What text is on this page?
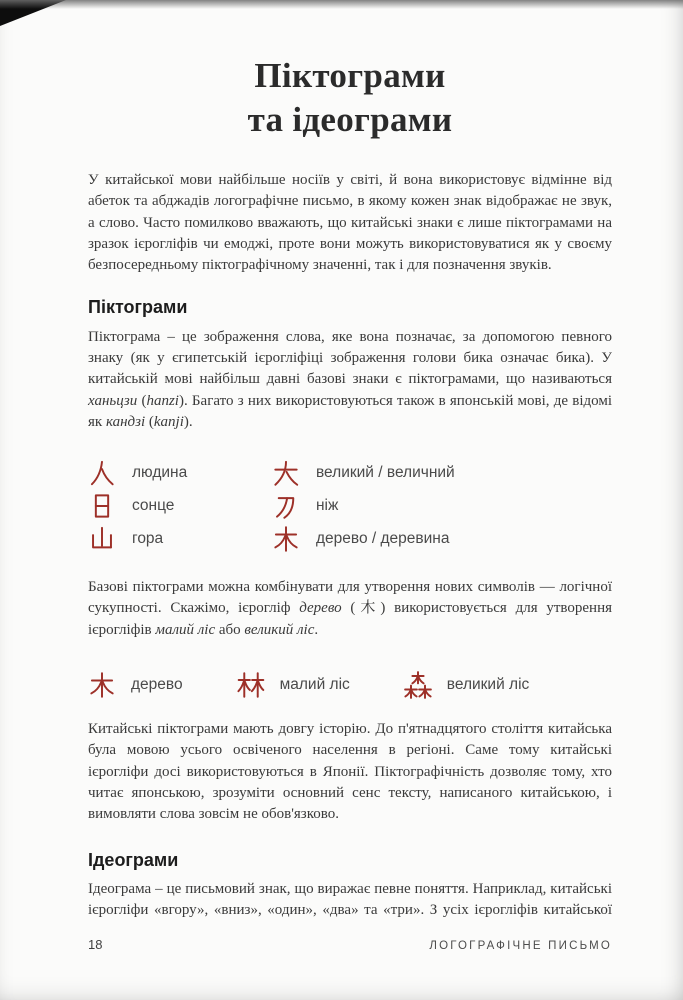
Піктограми
та ідеограми

У китайської мови найбільше носіїв у світі, й вона використовує відмінне від абеток та абджадів логографічне письмо, в якому кожен знак відображає не звук, а слово. Часто помилково вважають, що китайські знаки є лише піктограмами на зразок ієрогліфів чи емоджі, проте вони можуть використовуватися як у своєму безпосередньому піктографічному значенні, так і для позначення звуків.

Піктограми

Піктограма – це зображення слова, яке вона позначає, за допомогою певного знаку (як у єгипетській ієрогліфіці зображення голови бика означає бика). У китайській мові найбільш давні базові знаки є піктограмами, що називаються ханьцзи (hanzi). Багато з них використовуються також в японській мові, де відомі як кандзі (kanji).

людина	великий / величний
сонце	ніж
гора	дерево / деревина

Базові піктограми можна комбінувати для утворення нових символів — логічної сукупності. Скажімо, ієрогліф дерево (木) використовується для утворення ієрогліфів малий ліс або великий ліс.

дерево	малий ліс	великий ліс

Китайські піктограми мають довгу історію. До п'ятнадцятого століття китайська була мовою усього освіченого населення в регіоні. Саме тому китайські ієрогліфи досі використовуються в Японії. Піктографічність дозволяє тому, хто читає японською, зрозуміти основний сенс тексту, написаного китайською, і вимовляти слова зовсім не обов'язково.

Ідеограми

Ідеограма – це письмовий знак, що виражає певне поняття. Наприклад, китайські ієрогліфи «вгору», «вниз», «один», «два» та «три». З усіх ієрогліфів китайської

18	ЛОГОГРАФІЧНЕ ПИСЬМО
